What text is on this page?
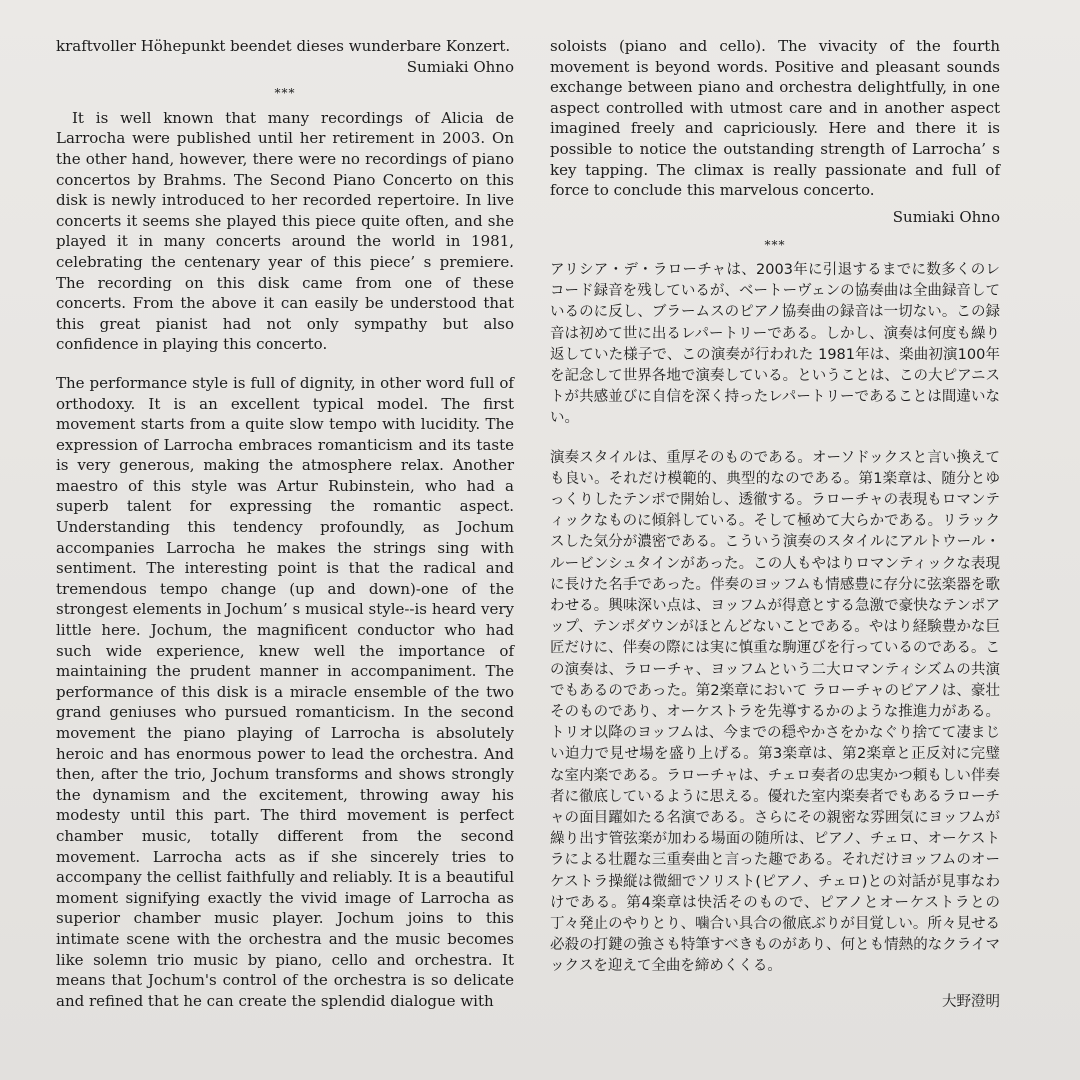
kraftvoller Höhepunkt beendet dieses wunderbare Konzert.

Sumiaki Ohno

***

It is well known that many recordings of Alicia de Larrocha were published until her retirement in 2003. On the other hand, however, there were no recordings of piano concertos by Brahms. The Second Piano Concerto on this disk is newly introduced to her recorded repertoire. In live concerts it seems she played this piece quite often, and she played it in many concerts around the world in 1981, celebrating the centenary year of this piece’ s premiere. The recording on this disk came from one of these concerts. From the above it can easily be understood that this great pianist had not only sympathy but also confidence in playing this concerto.

The performance style is full of dignity, in other word full of orthodoxy. It is an excellent typical model. The first movement starts from a quite slow tempo with lucidity. The expression of Larrocha embraces romanticism and its taste is very generous, making the atmosphere relax. Another maestro of this style was Artur Rubinstein, who had a superb talent for expressing the romantic aspect. Understanding this tendency profoundly, as Jochum accompanies Larrocha he makes the strings sing with sentiment. The interesting point is that the radical and tremendous tempo change (up and down)-one of the strongest elements in Jochum’ s musical style--is heard very little here. Jochum, the magnificent conductor who had such wide experience, knew well the importance of maintaining the prudent manner in accompaniment. The performance of this disk is a miracle ensemble of the two grand geniuses who pursued romanticism. In the second movement the piano playing of Larrocha is absolutely heroic and has enormous power to lead the orchestra. And then, after the trio, Jochum transforms and shows strongly the dynamism and the excitement, throwing away his modesty until this part. The third movement is perfect chamber music, totally different from the second movement. Larrocha acts as if she sincerely tries to accompany the cellist faithfully and reliably. It is a beautiful moment signifying exactly the vivid image of Larrocha as superior chamber music player. Jochum joins to this intimate scene with the orchestra and the music becomes like solemn trio music by piano, cello and orchestra. It means that Jochum's control of the orchestra is so delicate and refined that he can create the splendid dialogue with

soloists (piano and cello). The vivacity of the fourth movement is beyond words. Positive and pleasant sounds exchange between piano and orchestra delightfully, in one aspect controlled with utmost care and in another aspect imagined freely and capriciously. Here and there it is possible to notice the outstanding strength of Larrocha’ s key tapping. The climax is really passionate and full of force to conclude this marvelous concerto.

Sumiaki Ohno

***

アリシア・デ・ラローチャは、2003年に引退するまでに数多くのレコード録音を残しているが、ベートーヴェンの協奏曲は全曲録音しているのに反し、ブラームスのピアノ協奏曲の録音は一切ない。この録音は初めて世に出るレパートリーである。しかし、演奏は何度も繰り返していた様子で、この演奏が行われた 1981年は、楽曲初演100年を記念して世界各地で演奏している。ということは、この大ピアニストが共感並びに自信を深く持ったレパートリーであることは間違いない。

演奏スタイルは、重厚そのものである。オーソドックスと言い換えても良い。それだけ模範的、典型的なのである。第1楽章は、随分とゆっくりしたテンポで開始し、透徹する。ラローチャの表現もロマンティックなものに傾斜している。そして極めて大らかである。リラックスした気分が濃密である。こういう演奏のスタイルにアルトウール・ルービンシュタインがあった。この人もやはりロマンティックな表現に長けた名手であった。伴奏のヨッフムも情感豊に存分に弦楽器を歌わせる。興味深い点は、ヨッフムが得意とする急激で豪快なテンポアップ、テンポダウンがほとんどないことである。やはり経験豊かな巨匠だけに、伴奏の際には実に慎重な駒運びを行っているのである。この演奏は、ラローチャ、ヨッフムという二大ロマンティシズムの共演でもあるのであった。第2楽章において ラローチャのピアノは、豪壮そのものであり、オーケストラを先導するかのような推進力がある。トリオ以降のヨッフムは、今までの穏やかさをかなぐり捨てて凄まじい迫力で見せ場を盛り上げる。第3楽章は、第2楽章と正反対に完璧な室内楽である。ラローチャは、チェロ奏者の忠実かつ頼もしい伴奏者に徹底しているように思える。優れた室内楽奏者でもあるラローチャの面目躍如たる名演である。さらにその親密な雰囲気にヨッフムが繰り出す管弦楽が加わる場面の随所は、ピアノ、チェロ、オーケストラによる壮麗な三重奏曲と言った趣である。それだけヨッフムのオーケストラ操縦は微細でソリスト(ピアノ、チェロ)との対話が見事なわけである。第4楽章は快活そのもので、ピアノとオーケストラとの丁々発止のやりとり、噛合い具合の徹底ぶりが目覚しい。所々見せる必殺の打鍵の強さも特筆すべきものがあり、何とも情熱的なクライマックスを迎えて全曲を締めくくる。

大野澄明
